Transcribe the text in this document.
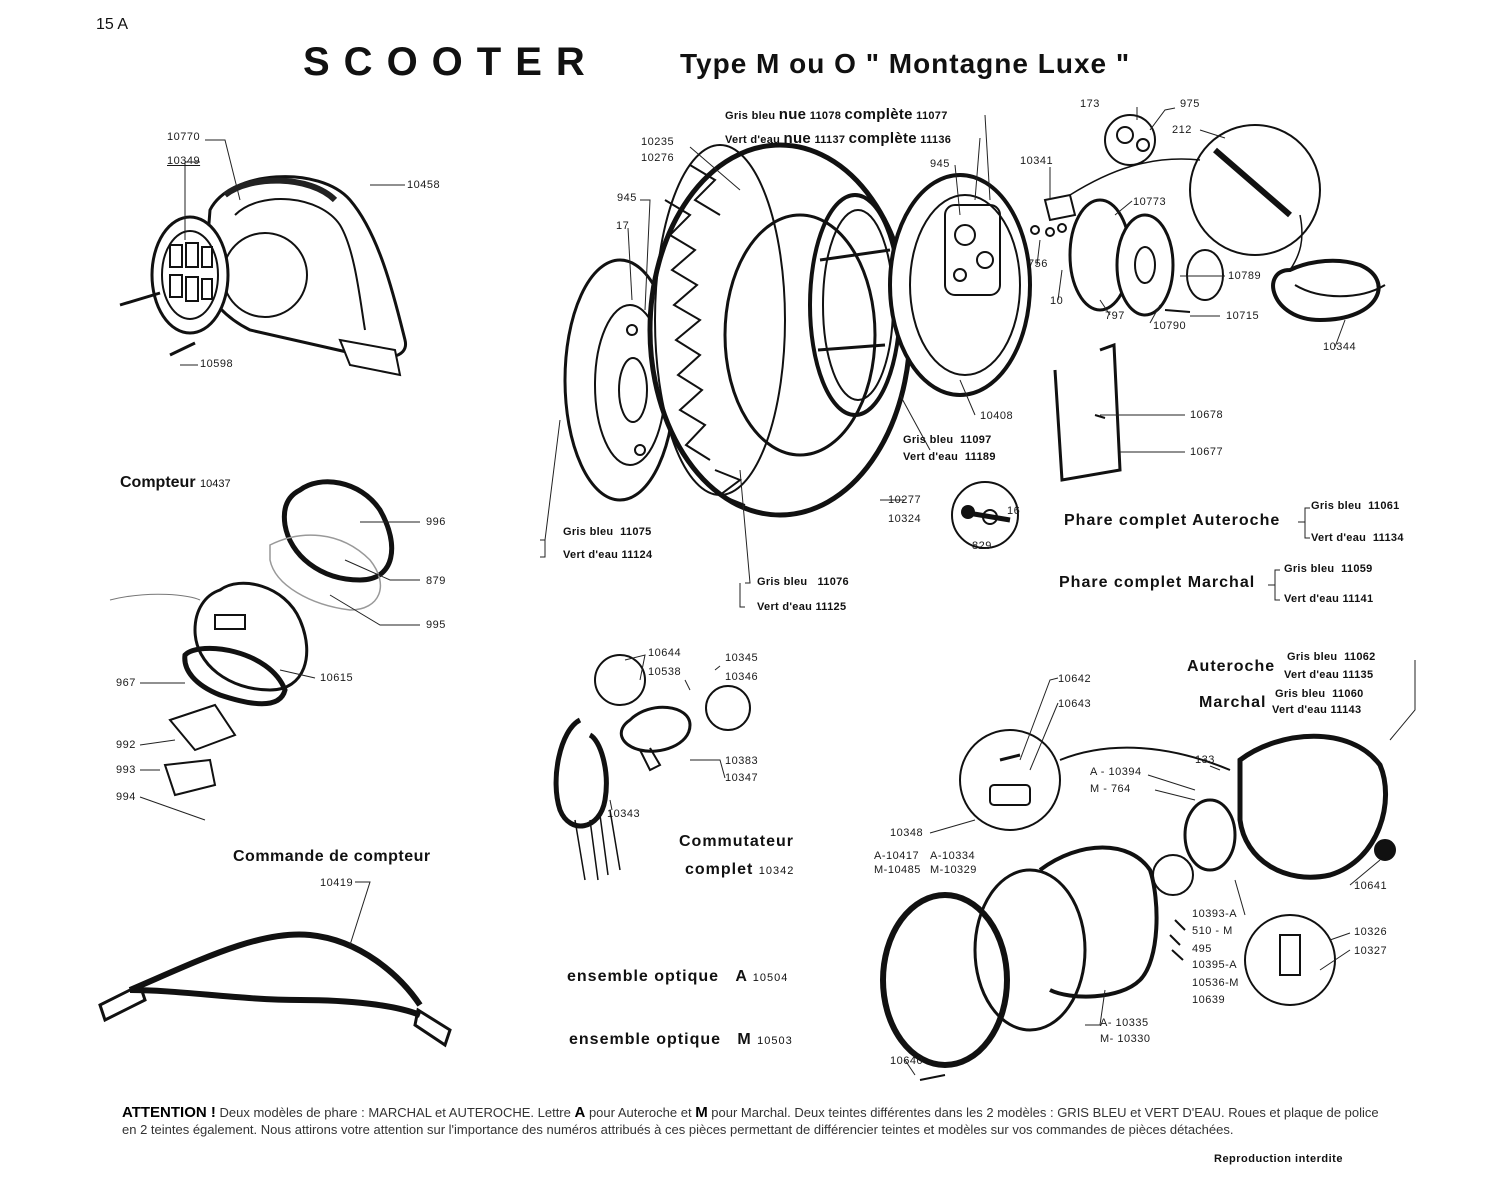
15 A
SCOOTER	Type M ou O " Montagne Luxe "
10770
10349
10458
10598
Gris bleu nue 11078 complète 11077
Vert d'eau nue 11137 complète 11136
10235
10276
945
17
945
10277
10324
16
829
Gris bleu 11097
Vert d'eau 11189
Gris bleu 11075
Vert d'eau 11124
Gris bleu 11076
Vert d'eau 11125
173	975
212
10341
10773
756
10
797
10790
10789
10715
10344
10408	10678
10677
Phare complet Auteroche
Gris bleu 11061
Vert d'eau 11134
Phare complet Marchal
Gris bleu 11059
Vert d'eau 11141
Compteur 10437
996
879
995
10615
967
992
993
994
Commande de compteur
10419
10644
10538
10345
10346
10383
10347
10343
Commutateur
complet 10342
ensemble optique A 10504
ensemble optique M 10503
Auteroche
Marchal
Gris bleu 11062
Vert d'eau 11135
Gris bleu 11060
Vert d'eau 11143
10642
10643
A - 10394
M - 764
133
10348
A-10417 A-10334
M-10485 M-10329
10641
10393-A
510 - M
495
10395-A
10536-M
10639
10326
10327
A- 10335
M- 10330
10640
ATTENTION ! Deux modèles de phare : MARCHAL et AUTEROCHE. Lettre A pour Auteroche et M pour Marchal. Deux teintes différentes dans les 2 modèles : GRIS BLEU et VERT D'EAU. Roues et plaque de police en 2 teintes également. Nous attirons votre attention sur l'importance des numéros attribués à ces pièces permettant de différencier teintes et modèles sur vos commandes de pièces détachées.
Reproduction interdite
